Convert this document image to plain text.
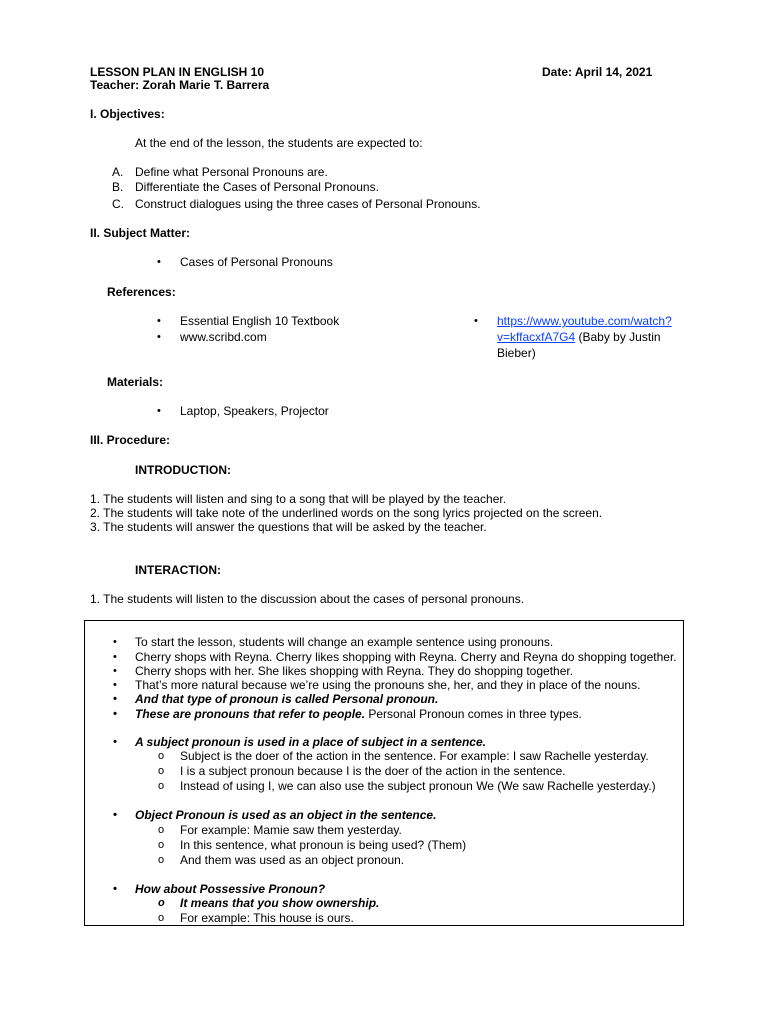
LESSON PLAN IN ENGLISH 10	Date: April 14, 2021
Teacher: Zorah Marie T. Barrera
I. Objectives:
At the end of the lesson, the students are expected to:
A. Define what Personal Pronouns are.
B. Differentiate the Cases of Personal Pronouns.
C. Construct dialogues using the three cases of Personal Pronouns.
II. Subject Matter:
• Cases of Personal Pronouns
References:
• Essential English 10 Textbook
• www.scribd.com
• https://www.youtube.com/watch?
v=kffacxfA7G4 (Baby by Justin
Bieber)
Materials:
• Laptop, Speakers, Projector
III. Procedure:
INTRODUCTION:
1. The students will listen and sing to a song that will be played by the teacher.
2. The students will take note of the underlined words on the song lyrics projected on the screen.
3. The students will answer the questions that will be asked by the teacher.
INTERACTION:
1. The students will listen to the discussion about the cases of personal pronouns.
• To start the lesson, students will change an example sentence using pronouns.
• Cherry shops with Reyna. Cherry likes shopping with Reyna. Cherry and Reyna do shopping together.
• Cherry shops with her. She likes shopping with Reyna. They do shopping together.
• That’s more natural because we’re using the pronouns she, her, and they in place of the nouns.
• And that type of pronoun is called Personal pronoun.
• These are pronouns that refer to people. Personal Pronoun comes in three types.
• A subject pronoun is used in a place of subject in a sentence.
o Subject is the doer of the action in the sentence. For example: I saw Rachelle yesterday.
o I is a subject pronoun because I is the doer of the action in the sentence.
o Instead of using I, we can also use the subject pronoun We (We saw Rachelle yesterday.)
• Object Pronoun is used as an object in the sentence.
o For example: Mamie saw them yesterday.
o In this sentence, what pronoun is being used? (Them)
o And them was used as an object pronoun.
• How about Possessive Pronoun?
o It means that you show ownership.
o For example: This house is ours.
